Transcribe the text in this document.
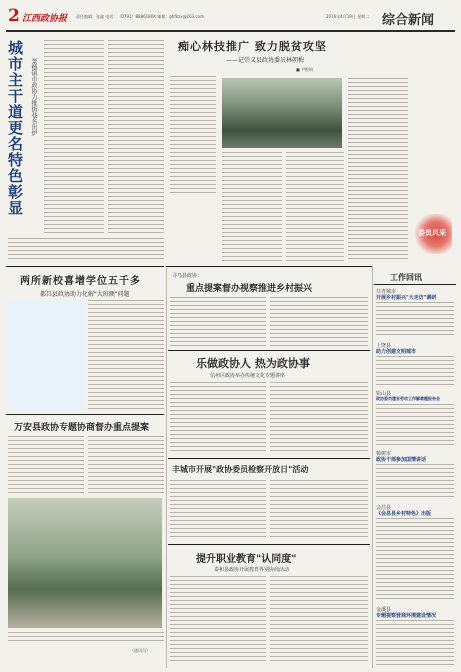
2 江西政协报 责任编辑：张鑫 电话：（0791）8886180X 邮箱：ghfkzx@163.com	2016年4月19日 星期二 综合新闻
城市主干道更名特色彰显	景德镇市政协力推街巷名出炉
痴心林技推广 致力脱贫攻坚
——记崇义县政协委员林朝梅
■ 尹积明
委员风采
工作回讯
共青城市
开展乡村振兴"大走访"调研
上饶县
助力创建文明城市
铅山县
政协委员建言劳动工作解难题报告会
樟树市
政协干部参加国情讲话
会昌县
《会昌县乡村特色》出版
金溪县
专题视察营商环境建设情况
两所新校喜增学位五千多
都昌县政协助力化解"大班额"问题
万安县政协专题协商督办重点提案
（通讯员）
寻乌县政协：
重点提案督办视察推进乡村振兴
乐做政协人 热为政协事
信州区政协举办传统文化专题讲座
丰城市开展"政协委员检察开放日"活动
提升职业教育"认同度"
泰和县政协开展教育界别协商活动
